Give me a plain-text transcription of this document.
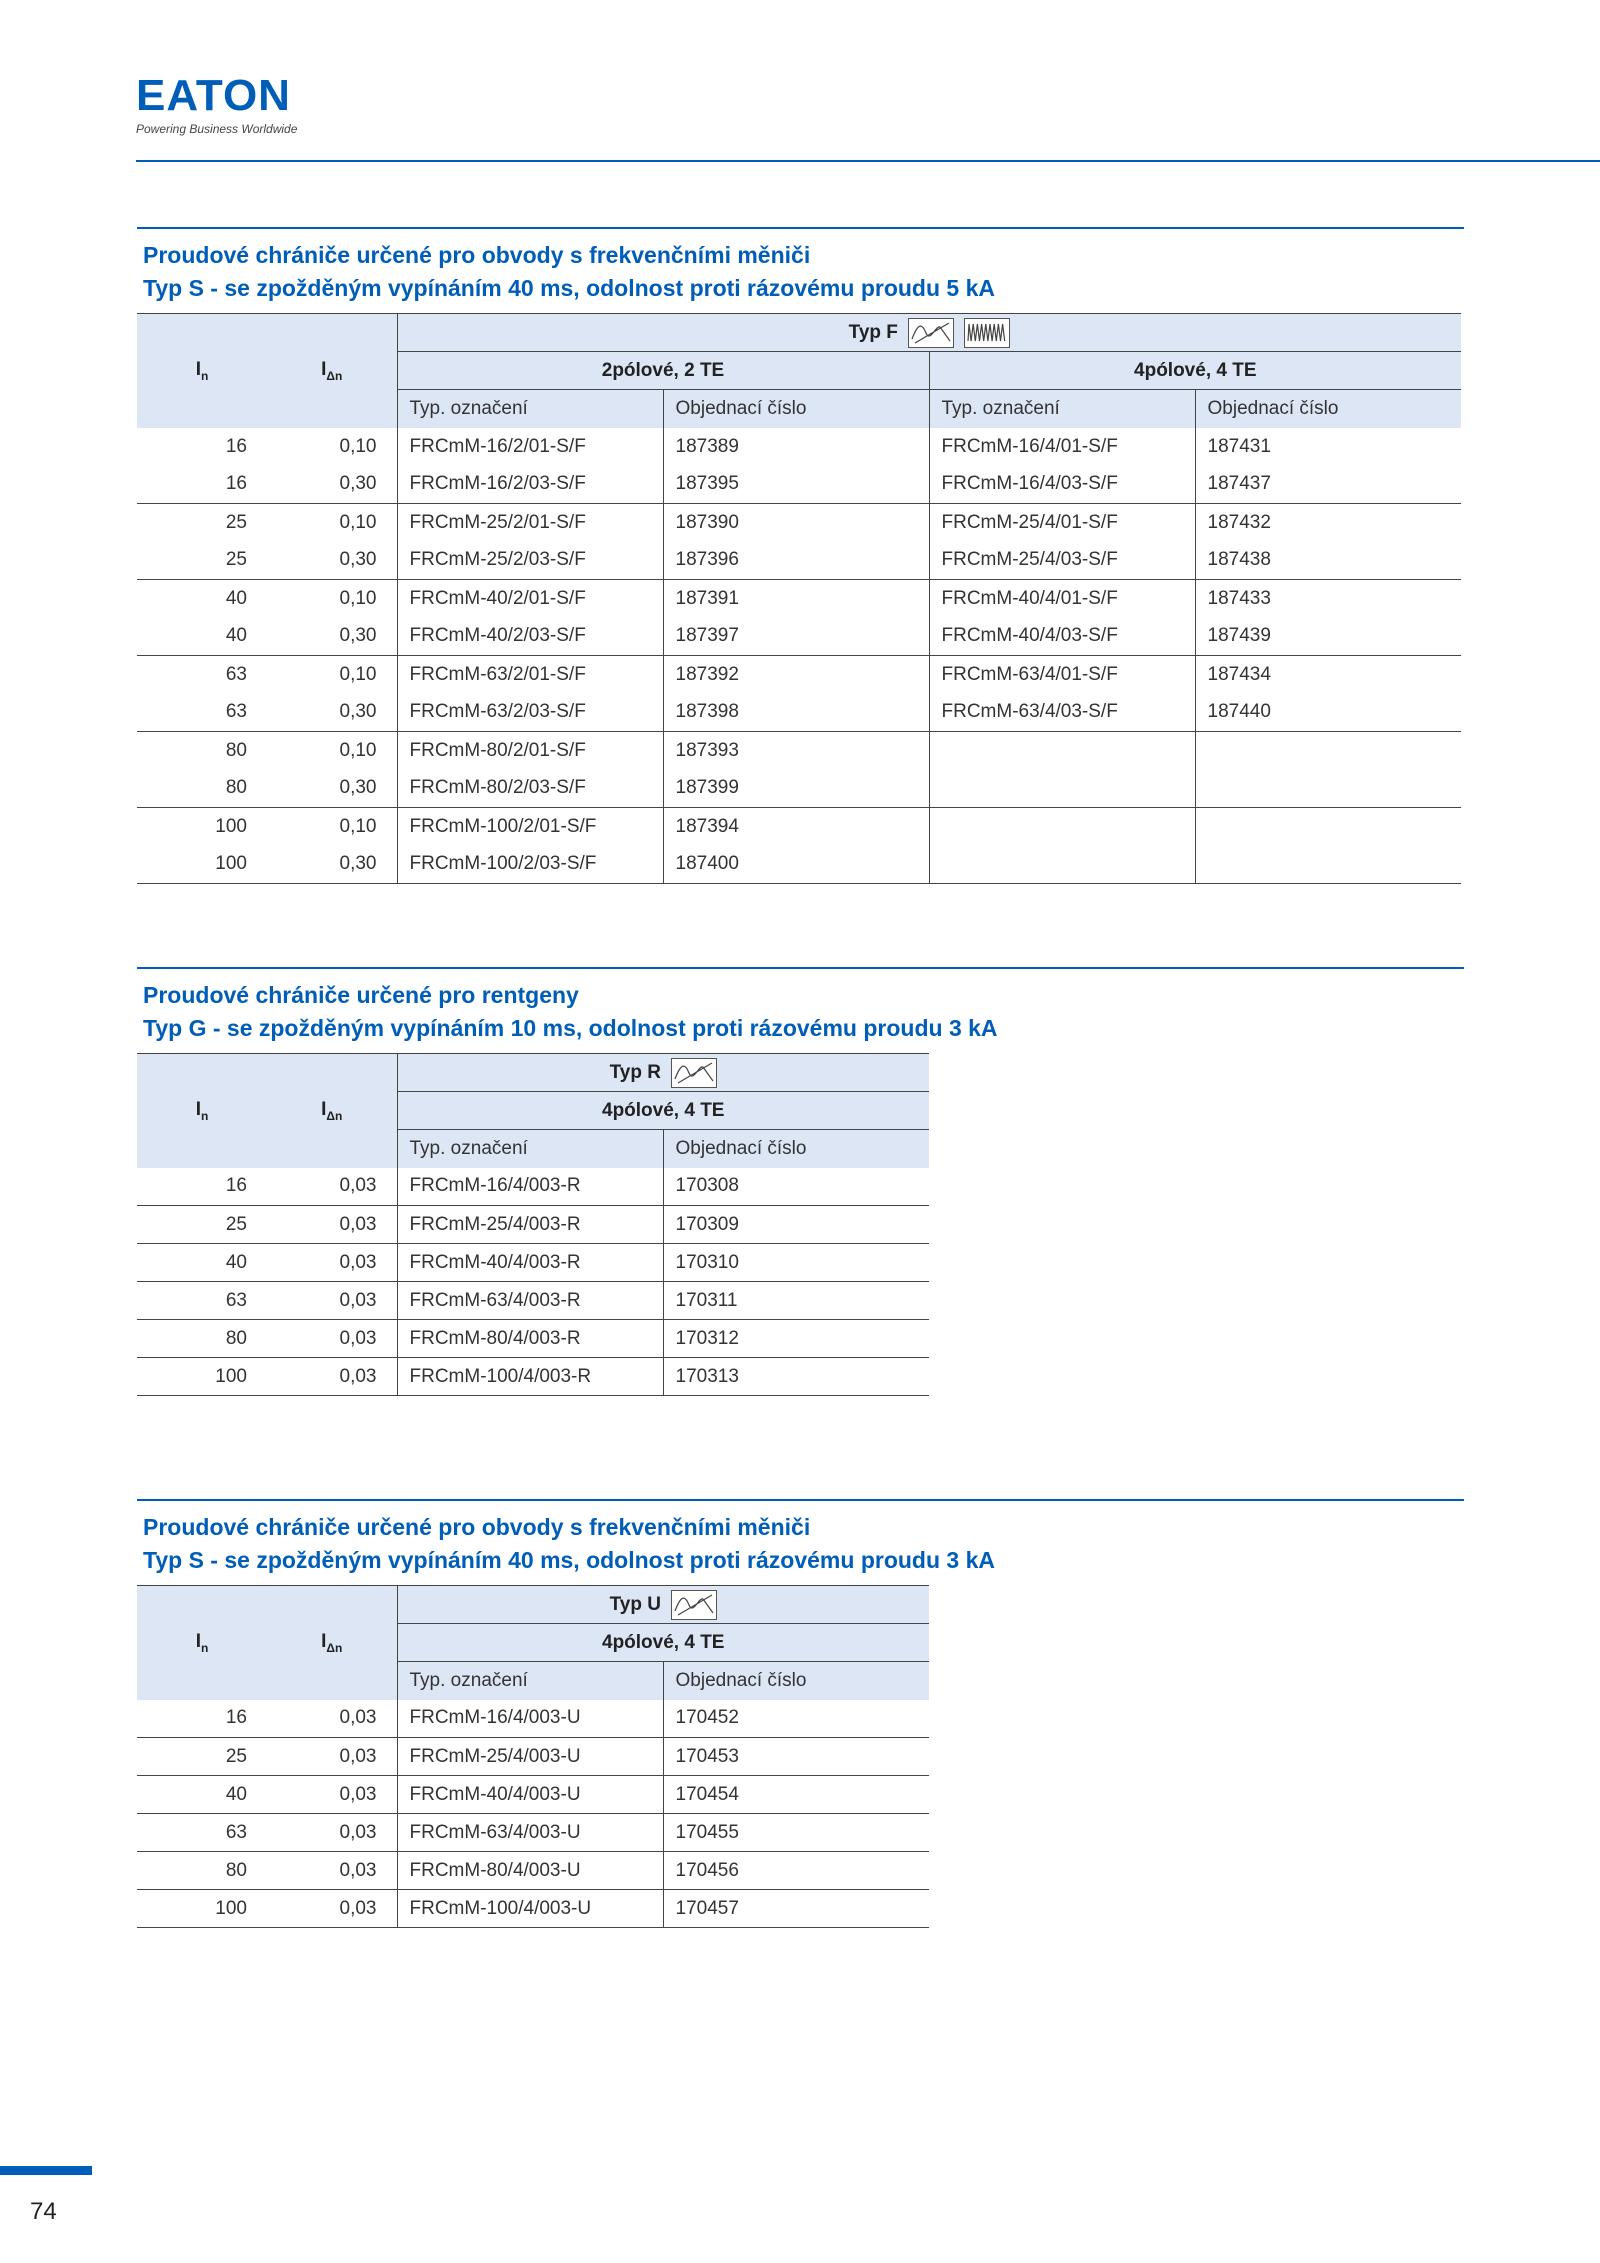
EATON
Powering Business Worldwide
Proudové chrániče určené pro obvody s frekvenčními měniči
Typ S - se zpožděným vypínáním 40 ms, odolnost proti rázovému proudu 5 kA
$I_n$	$I_{\Delta n}$	Typ F			

		2pólové, 2 TE		4pólové, 4 TE	
		Typ. označení	Objednací číslo	Typ. označení	Objednací číslo
16	0,10	FRCmM-16/2/01-S/F	187389	FRCmM-16/4/01-S/F	187431
16	0,30	FRCmM-16/2/03-S/F	187395	FRCmM-16/4/03-S/F	187437
25	0,10	FRCmM-25/2/01-S/F	187390	FRCmM-25/4/01-S/F	187432
25	0,30	FRCmM-25/2/03-S/F	187396	FRCmM-25/4/03-S/F	187438
40	0,10	FRCmM-40/2/01-S/F	187391	FRCmM-40/4/01-S/F	187433
40	0,30	FRCmM-40/2/03-S/F	187397	FRCmM-40/4/03-S/F	187439
63	0,10	FRCmM-63/2/01-S/F	187392	FRCmM-63/4/01-S/F	187434
63	0,30	FRCmM-63/2/03-S/F	187398	FRCmM-63/4/03-S/F	187440
80	0,10	FRCmM-80/2/01-S/F	187393		
80	0,30	FRCmM-80/2/03-S/F	187399		
100	0,10	FRCmM-100/2/01-S/F	187394		
100	0,30	FRCmM-100/2/03-S/F	187400		
Proudové chrániče určené pro rentgeny
Typ G - se zpožděným vypínáním 10 ms, odolnost proti rázovému proudu 3 kA
$I_n$	$I_{\Delta n}$	Typ R	

		4pólové, 4 TE	
		Typ. označení	Objednací číslo
16	0,03	FRCmM-16/4/003-R	170308
25	0,03	FRCmM-25/4/003-R	170309
40	0,03	FRCmM-40/4/003-R	170310
63	0,03	FRCmM-63/4/003-R	170311
80	0,03	FRCmM-80/4/003-R	170312
100	0,03	FRCmM-100/4/003-R	170313
Proudové chrániče určené pro obvody s frekvenčními měniči
Typ S - se zpožděným vypínáním 40 ms, odolnost proti rázovému proudu 3 kA
$I_n$	$I_{\Delta n}$	Typ U	

		4pólové, 4 TE	
		Typ. označení	Objednací číslo
16	0,03	FRCmM-16/4/003-U	170452
25	0,03	FRCmM-25/4/003-U	170453
40	0,03	FRCmM-40/4/003-U	170454
63	0,03	FRCmM-63/4/003-U	170455
80	0,03	FRCmM-80/4/003-U	170456
100	0,03	FRCmM-100/4/003-U	170457
74
